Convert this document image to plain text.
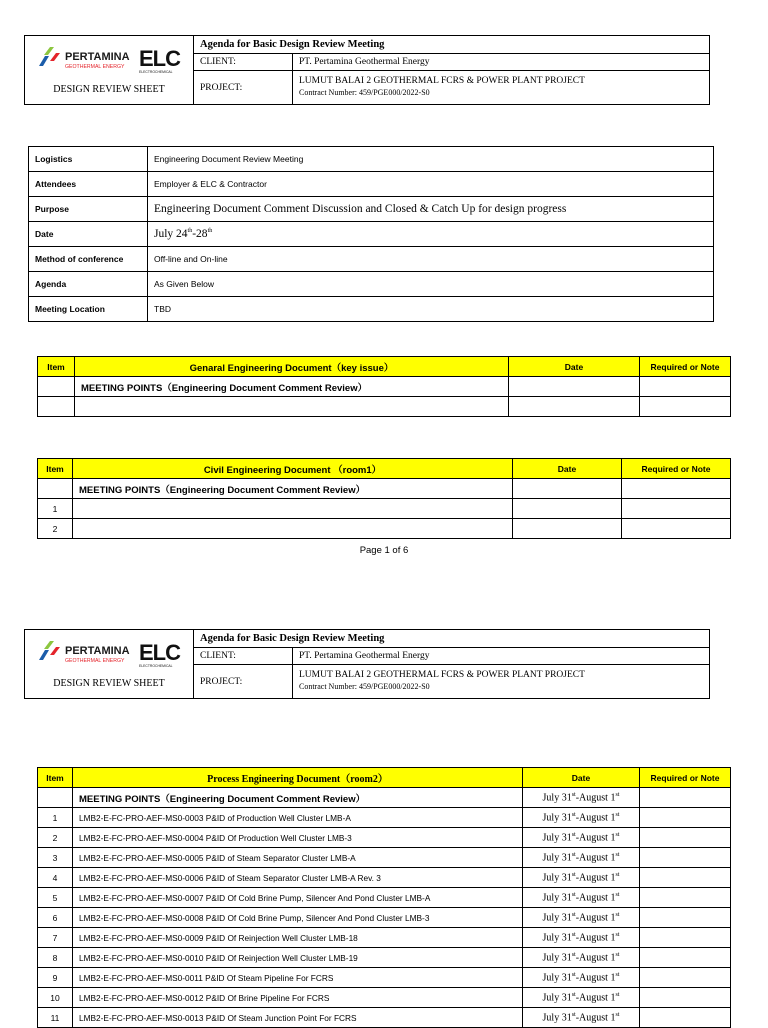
PERTAMINA
GEOTHERMAL ENERGY ELC
ELECTROCHEMICAL
DESIGN REVIEW SHEET	Agenda for Basic Design Review Meeting	
	CLIENT:	PT. Pertamina Geothermal Energy
	PROJECT:	LUMUT BALAI 2 GEOTHERMAL FCRS & POWER PLANT PROJECT
Contract Number: 459/PGE000/2022-S0
Logistics	Engineering Document Review Meeting
Attendees	Employer & ELC & Contractor
Purpose	Engineering Document Comment Discussion and Closed & Catch Up for design progress
Date	July 24th-28th
Method of conference	Off-line and On-line
Agenda	As Given Below
Meeting Location	TBD
Item	Genaral Engineering Document（key issue）	Date	Required or Note
	MEETING POINTS（Engineering Document Comment Review）		

Item	Civil Engineering Document （room1）	Date	Required or Note
	MEETING POINTS（Engineering Document Comment Review）		
1			
2			
Page 1 of 6
PERTAMINA
GEOTHERMAL ENERGY ELC
ELECTROCHEMICAL
DESIGN REVIEW SHEET	Agenda for Basic Design Review Meeting	
	CLIENT:	PT. Pertamina Geothermal Energy
	PROJECT:	LUMUT BALAI 2 GEOTHERMAL FCRS & POWER PLANT PROJECT
Contract Number: 459/PGE000/2022-S0
Item	Process Engineering Document（room2）	Date	Required or Note
	MEETING POINTS（Engineering Document Comment Review）	July 31st-August 1st	
1	LMB2-E-FC-PRO-AEF-MS0-0003 P&ID of Production Well Cluster LMB-A	July 31st-August 1st	
2	LMB2-E-FC-PRO-AEF-MS0-0004 P&ID Of Production Well Cluster LMB-3	July 31st-August 1st	
3	LMB2-E-FC-PRO-AEF-MS0-0005 P&ID of Steam Separator Cluster LMB-A	July 31st-August 1st	
4	LMB2-E-FC-PRO-AEF-MS0-0006 P&ID of Steam Separator Cluster LMB-A Rev. 3	July 31st-August 1st	
5	LMB2-E-FC-PRO-AEF-MS0-0007 P&ID Of Cold Brine Pump, Silencer And Pond Cluster LMB-A	July 31st-August 1st	
6	LMB2-E-FC-PRO-AEF-MS0-0008 P&ID Of Cold Brine Pump, Silencer And Pond Cluster LMB-3	July 31st-August 1st	
7	LMB2-E-FC-PRO-AEF-MS0-0009 P&ID Of Reinjection Well Cluster LMB-18	July 31st-August 1st	
8	LMB2-E-FC-PRO-AEF-MS0-0010 P&ID Of Reinjection Well Cluster LMB-19	July 31st-August 1st	
9	LMB2-E-FC-PRO-AEF-MS0-0011 P&ID Of Steam Pipeline For FCRS	July 31st-August 1st	
10	LMB2-E-FC-PRO-AEF-MS0-0012 P&ID Of Brine Pipeline For FCRS	July 31st-August 1st	
11	LMB2-E-FC-PRO-AEF-MS0-0013 P&ID Of Steam Junction Point For FCRS	July 31st-August 1st	
